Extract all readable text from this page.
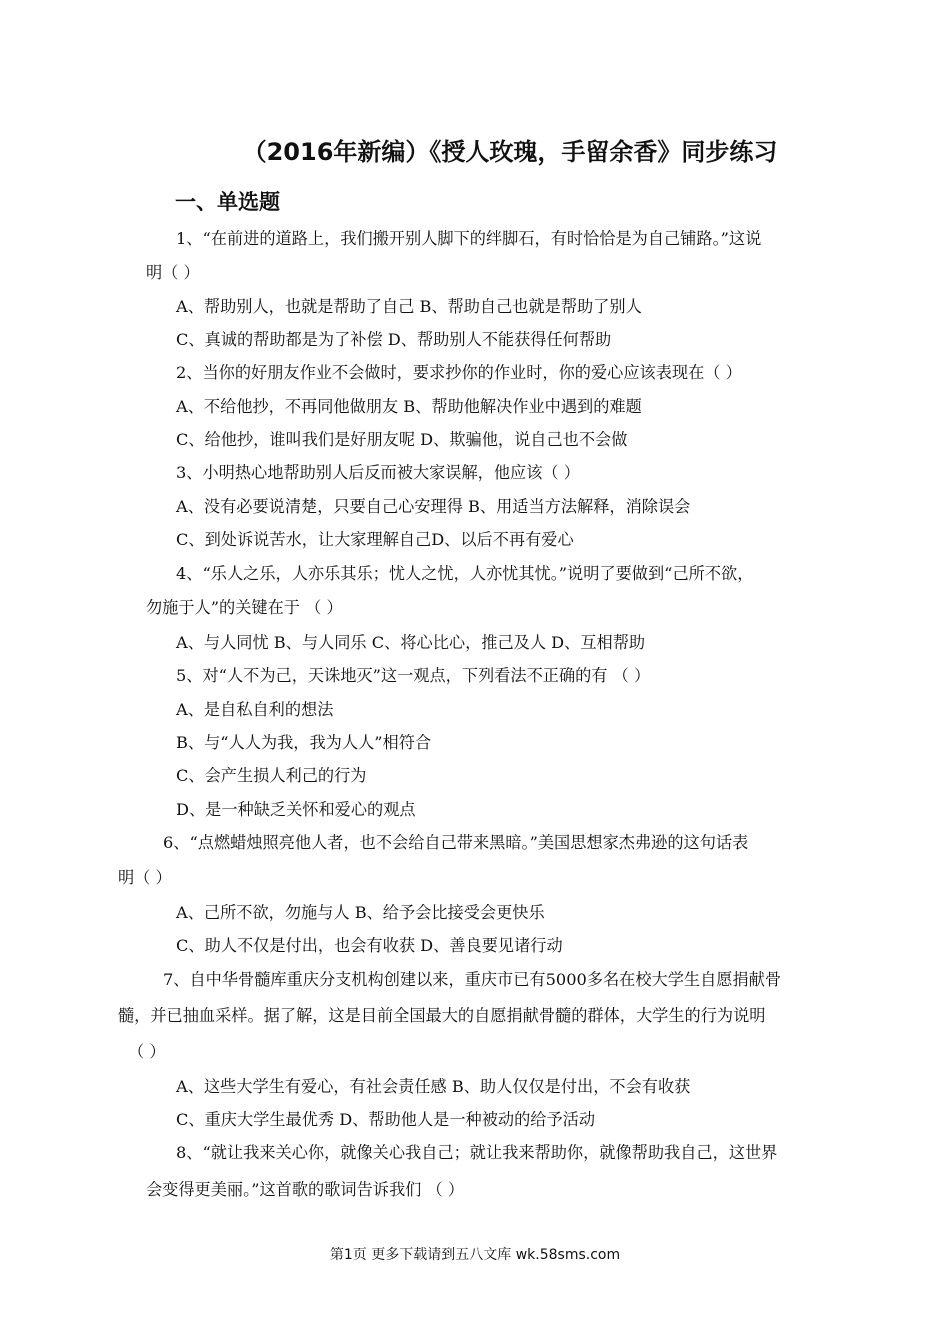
（2016年新编）《授人玫瑰，手留余香》同步练习
一、单选题
1、“在前进的道路上，我们搬开别人脚下的绊脚石，有时恰恰是为自己铺路。”这说
明（ ）
A、帮助别人，也就是帮助了自己 B、帮助自己也就是帮助了别人
C、真诚的帮助都是为了补偿 D、帮助别人不能获得任何帮助
2、当你的好朋友作业不会做时，要求抄你的作业时，你的爱心应该表现在（ ）
A、不给他抄，不再同他做朋友 B、帮助他解决作业中遇到的难题
C、给他抄，谁叫我们是好朋友呢 D、欺骗他，说自己也不会做
3、小明热心地帮助别人后反而被大家误解，他应该（ ）
A、没有必要说清楚，只要自己心安理得 B、用适当方法解释，消除误会
C、到处诉说苦水，让大家理解自己D、以后不再有爱心
4、“乐人之乐，人亦乐其乐；忧人之忧，人亦忧其忧。”说明了要做到“己所不欲，
勿施于人”的关键在于 （ ）
A、与人同忧 B、与人同乐 C、将心比心，推己及人 D、互相帮助
5、对“人不为己，天诛地灭”这一观点，下列看法不正确的有 （ ）
A、是自私自利的想法
B、与“人人为我，我为人人”相符合
C、会产生损人利己的行为
D、是一种缺乏关怀和爱心的观点
6、“点燃蜡烛照亮他人者，也不会给自己带来黑暗。”美国思想家杰弗逊的这句话表
明（ ）
A、己所不欲，勿施与人 B、给予会比接受会更快乐
C、助人不仅是付出，也会有收获 D、善良要见诸行动
7、自中华骨髓库重庆分支机构创建以来，重庆市已有5000多名在校大学生自愿捐献骨
髓，并已抽血采样。据了解，这是目前全国最大的自愿捐献骨髓的群体，大学生的行为说明
（ ）
A、这些大学生有爱心，有社会责任感 B、助人仅仅是付出，不会有收获
C、重庆大学生最优秀 D、帮助他人是一种被动的给予活动
8、“就让我来关心你，就像关心我自己；就让我来帮助你，就像帮助我自己，这世界
会变得更美丽。”这首歌的歌词告诉我们 （ ）
第1页 更多下载请到五八文库 wk.58sms.com
